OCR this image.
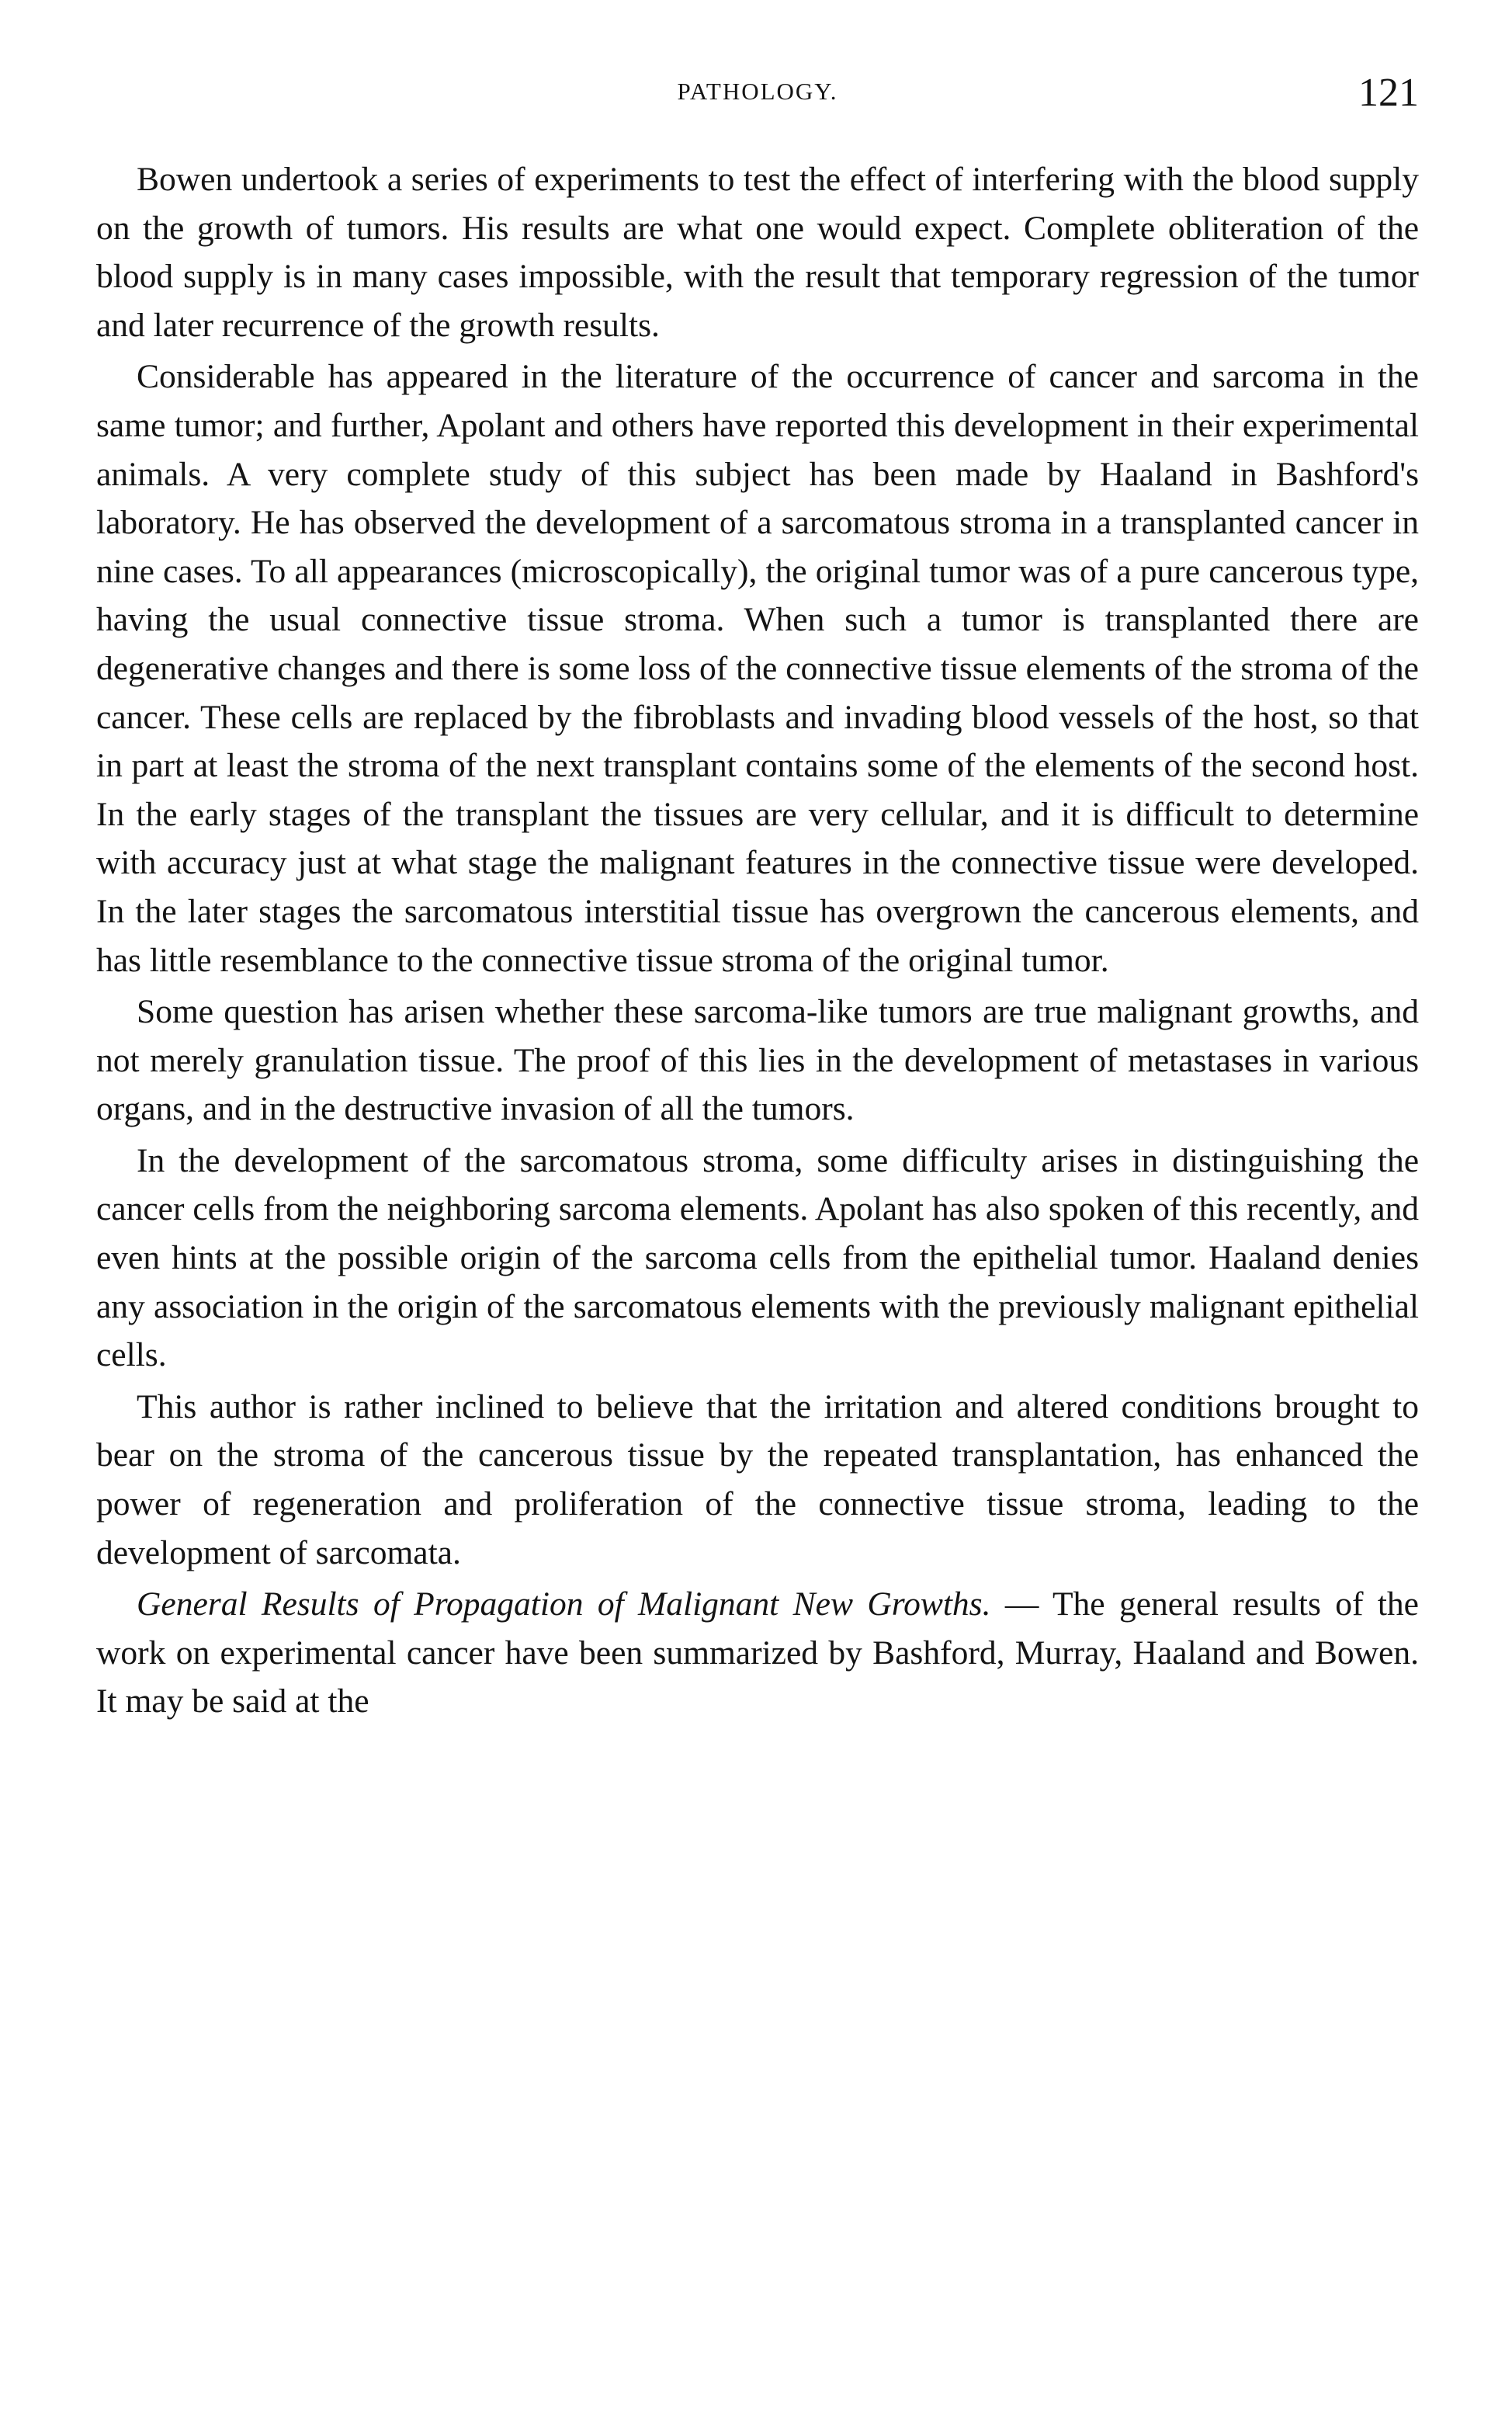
PATHOLOGY.	121

Bowen undertook a series of experiments to test the effect of interfering with the blood supply on the growth of tumors. His results are what one would expect. Complete obliteration of the blood supply is in many cases impossible, with the result that temporary regression of the tumor and later recurrence of the growth results.

Considerable has appeared in the literature of the occurrence of cancer and sarcoma in the same tumor; and further, Apolant and others have reported this development in their experimental animals. A very complete study of this subject has been made by Haaland in Bashford's laboratory. He has observed the development of a sarcomatous stroma in a transplanted cancer in nine cases. To all appearances (microscopically), the original tumor was of a pure cancerous type, having the usual connective tissue stroma. When such a tumor is transplanted there are degenerative changes and there is some loss of the connective tissue elements of the stroma of the cancer. These cells are replaced by the fibroblasts and invading blood vessels of the host, so that in part at least the stroma of the next transplant contains some of the elements of the second host. In the early stages of the transplant the tissues are very cellular, and it is difficult to determine with accuracy just at what stage the malignant features in the connective tissue were developed. In the later stages the sarcomatous interstitial tissue has overgrown the cancerous elements, and has little resemblance to the connective tissue stroma of the original tumor.

Some question has arisen whether these sarcoma-like tumors are true malignant growths, and not merely granulation tissue. The proof of this lies in the development of metastases in various organs, and in the destructive invasion of all the tumors.

In the development of the sarcomatous stroma, some difficulty arises in distinguishing the cancer cells from the neighboring sarcoma elements. Apolant has also spoken of this recently, and even hints at the possible origin of the sarcoma cells from the epithelial tumor. Haaland denies any association in the origin of the sarcomatous elements with the previously malignant epithelial cells.

This author is rather inclined to believe that the irritation and altered conditions brought to bear on the stroma of the cancerous tissue by the repeated transplantation, has enhanced the power of regeneration and proliferation of the connective tissue stroma, leading to the development of sarcomata.

General Results of Propagation of Malignant New Growths. — The general results of the work on experimental cancer have been summarized by Bashford, Murray, Haaland and Bowen. It may be said at the
